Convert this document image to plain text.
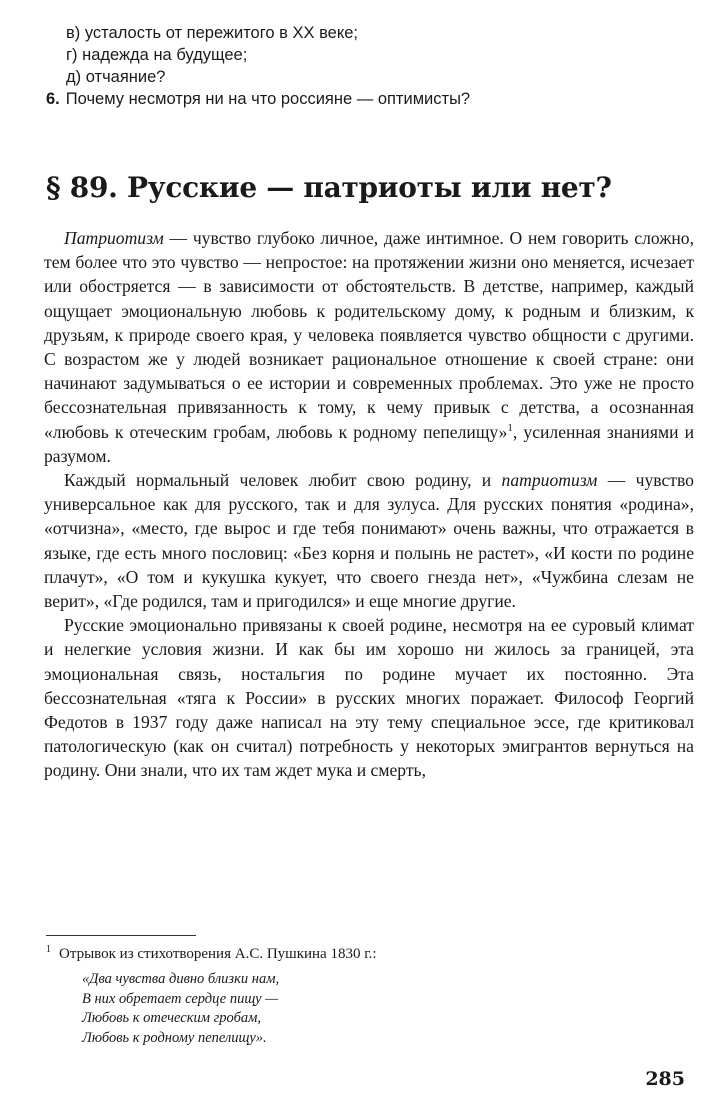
в) усталость от пережитого в XX веке;
г) надежда на будущее;
д) отчаяние?
6. Почему несмотря ни на что россияне — оптимисты?
§ 89. Русские — патриоты или нет?

Патриотизм — чувство глубоко личное, даже интимное. О нем говорить сложно, тем более что это чувство — непростое: на протяжении жизни оно меняется, исчезает или обостряется — в зависимости от обстоятельств. В детстве, например, каждый ощущает эмоциональную любовь к родительскому дому, к родным и близким, к друзьям, к природе своего края, у человека появляется чувство общности с другими. С возрастом же у людей возникает рациональное отношение к своей стране: они начинают задумываться о ее истории и современных проблемах. Это уже не просто бессознательная привязанность к тому, к чему привык с детства, а осознанная «любовь к отеческим гробам, любовь к родному пепелищу»$^1$, усиленная знаниями и разумом.

Каждый нормальный человек любит свою родину, и патриотизм — чувство универсальное как для русского, так и для зулуса. Для русских понятия «родина», «отчизна», «место, где вырос и где тебя понимают» очень важны, что отражается в языке, где есть много пословиц: «Без корня и полынь не растет», «И кости по родине плачут», «О том и кукушка кукует, что своего гнезда нет», «Чужбина слезам не верит», «Где родился, там и пригодился» и еще многие другие.

Русские эмоционально привязаны к своей родине, несмотря на ее суровый климат и нелегкие условия жизни. И как бы им хорошо ни жилось за границей, эта эмоциональная связь, ностальгия по родине мучает их постоянно. Эта бессознательная «тяга к России» в русских многих поражает. Философ Георгий Федотов в 1937 году даже написал на эту тему специальное эссе, где критиковал патологическую (как он считал) потребность у некоторых эмигрантов вернуться на родину. Они знали, что их там ждет мука и смерть,

$^1$ Отрывок из стихотворения А.С. Пушкина 1830 г.:
«Два чувства дивно близки нам,
В них обретает сердце пищу —
Любовь к отеческим гробам,
Любовь к родному пепелищу».
285
